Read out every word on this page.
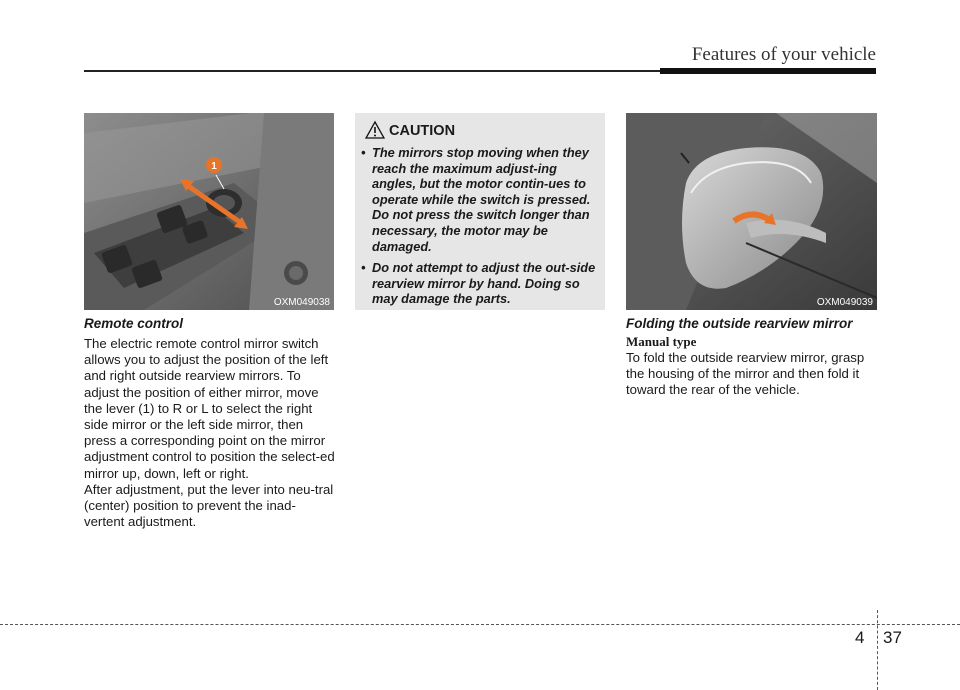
Features of your vehicle
1
OXM049038
Remote control

The electric remote control mirror switch allows you to adjust the position of the left and right outside rearview mirrors. To adjust the position of either mirror, move the lever (1) to R or L to select the right side mirror or the left side mirror, then press a corresponding point on the mirror adjustment control to position the select-ed mirror up, down, left or right.

After adjustment, put the lever into neu-tral (center) position to prevent the inad-vertent adjustment.

CAUTION
• The mirrors stop moving when they reach the maximum adjust-ing angles, but the motor contin-ues to operate while the switch is pressed. Do not press the switch longer than necessary, the motor may be damaged.
• Do not attempt to adjust the out-side rearview mirror by hand. Doing so may damage the parts.	OXM049039
Folding the outside rearview mirror
Manual type

To fold the outside rearview mirror, grasp the housing of the mirror and then fold it toward the rear of the vehicle.

4 37
